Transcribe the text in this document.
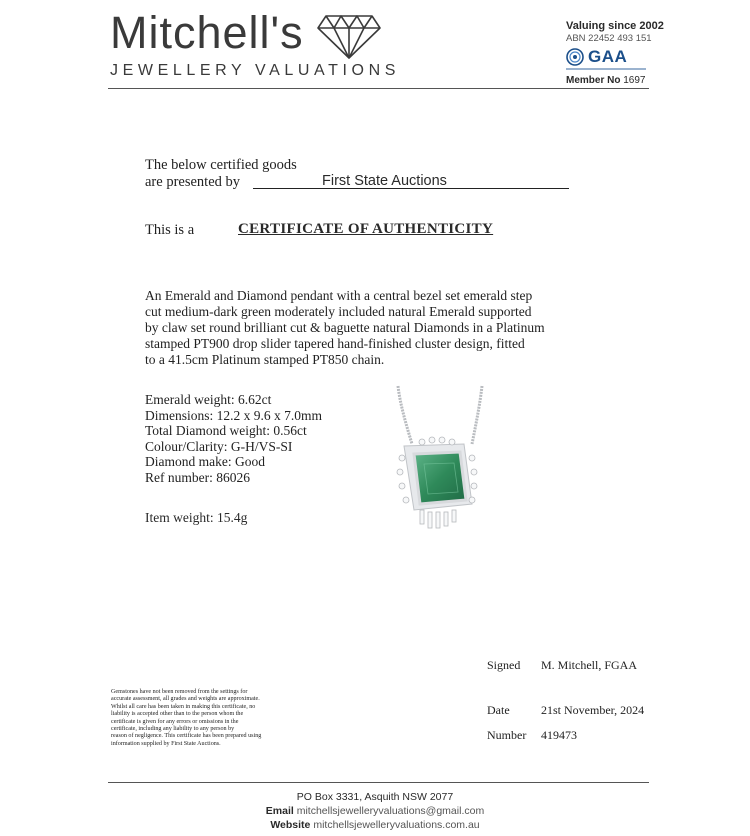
Mitchell's
JEWELLERY VALUATIONS
Valuing since 2002
ABN 22452 493 151
GAA
Member No 1697
The below certified goods
are presented by	First State Auctions
This is a	CERTIFICATE OF AUTHENTICITY

An Emerald and Diamond pendant with a central bezel set emerald step

cut medium-dark green moderately included natural Emerald supported

by claw set round brilliant cut & baguette natural Diamonds in a Platinum

stamped PT900 drop slider tapered hand-finished cluster design, fitted

to a 41.5cm Platinum stamped PT850 chain.

Emerald weight: 6.62ct
Dimensions: 12.2 x 9.6 x 7.0mm
Total Diamond weight: 0.56ct
Colour/Clarity: G-H/VS-SI
Diamond make: Good
Ref number: 86026
Item weight: 15.4g
Signed M. Mitchell, FGAA
Date	21st November, 2024
Number 419473
Gemstones have not been removed from the settings for
accurate assessment, all grades and weights are approximate.
Whilst all care has been taken in making this certificate, no
liability is accepted other than to the person whom the
certificate is given for any errors or omissions in the
certificate, including any liability to any person by
reason of negligence. This certificate has been prepared using
information supplied by First State Auctions.
PO Box 3331, Asquith NSW 2077
Email mitchellsjewelleryvaluations@gmail.com
Website mitchellsjewelleryvaluations.com.au
